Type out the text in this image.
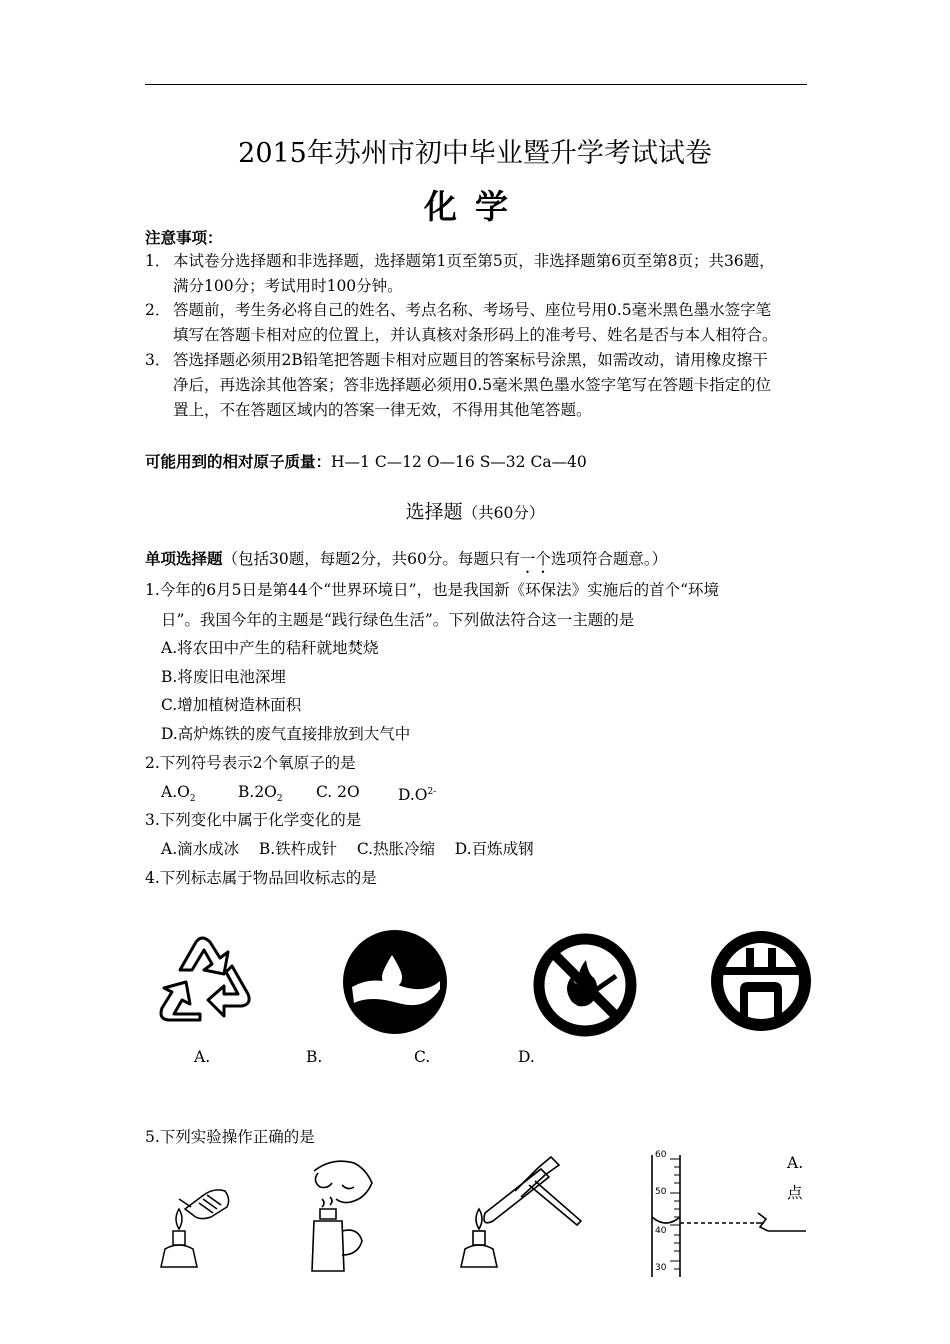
2015年苏州市初中毕业暨升学考试试卷
化学
注意事项：
1． 本试卷分选择题和非选择题，选择题第1页至第5页，非选择题第6页至第8页；共36题，
满分100分；考试用时100分钟。
2． 答题前，考生务必将自己的姓名、考点名称、考场号、座位号用0.5毫米黑色墨水签字笔
填写在答题卡相对应的位置上，并认真核对条形码上的准考号、姓名是否与本人相符合。
3． 答选择题必须用2B铅笔把答题卡相对应题目的答案标号涂黑，如需改动，请用橡皮擦干
净后，再选涂其他答案；答非选择题必须用0.5毫米黑色墨水签字笔写在答题卡指定的位
置上，不在答题区域内的答案一律无效，不得用其他笔答题。
可能用到的相对原子质量：H—1 C—12 O—16 S—32 Ca—40
选择题（共60分）
单项选择题（包括30题，每题2分，共60分。每题只有一个选项符合题意。）
1.今年的6月5日是第44个“世界环境日”，也是我国新《环保法》实施后的首个“环境
日”。我国今年的主题是“践行绿色生活”。下列做法符合这一主题的是
A.将农田中产生的秸秆就地焚烧
B.将废旧电池深埋
C.增加植树造林面积
D.高炉炼铁的废气直接排放到大气中
2.下列符号表示2个氧原子的是
$A.O_2$	$B.2O_2$ C. 2O $D.O^{2-}$
3.下列变化中属于化学变化的是
A.滴水成冰    B.铁杵成针    C.热胀冷缩    D.百炼成钢
4.下列标志属于物品回收标志的是
A.	B.	C.	D.
5.下列实验操作正确的是
60
50
40
30
A.
点
